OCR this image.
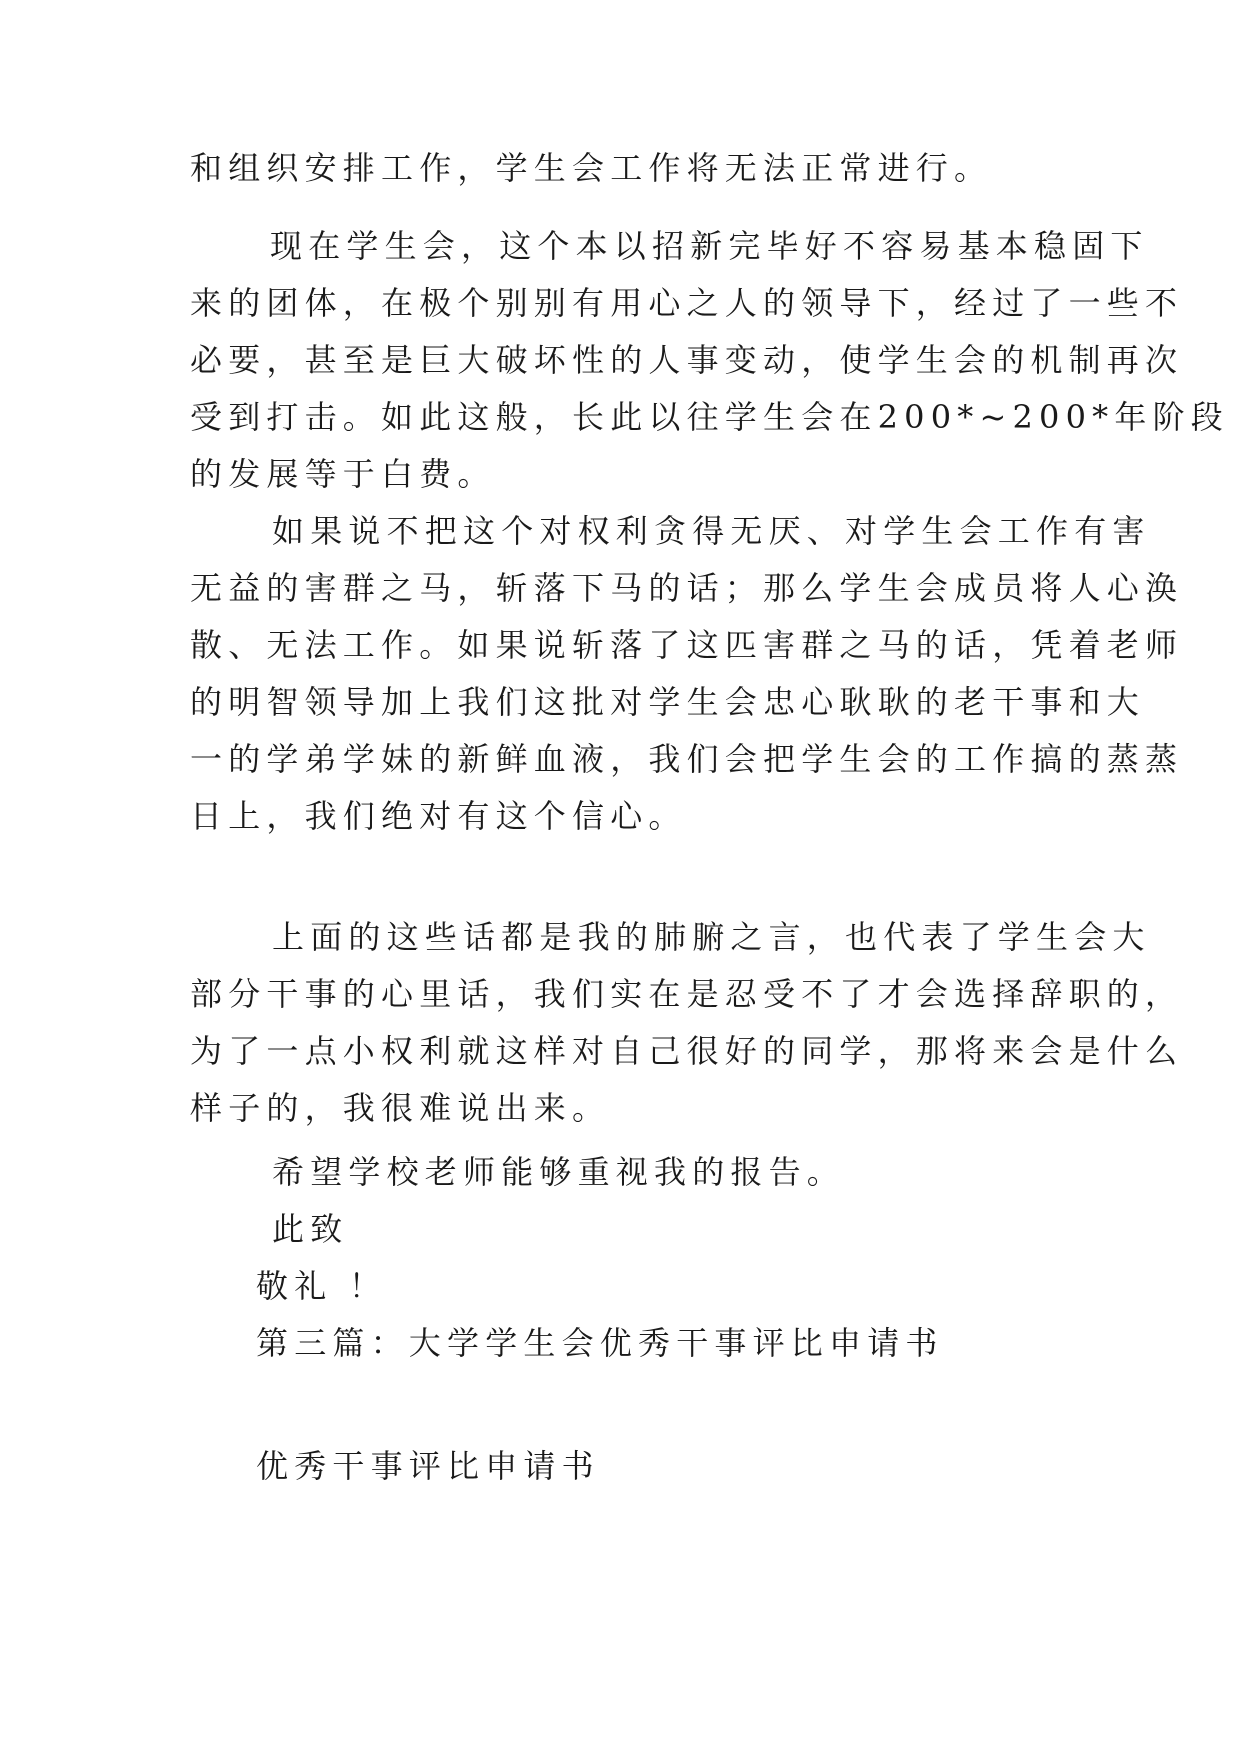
和组织安排工作，学生会工作将无法正常进行。
现在学生会，这个本以招新完毕好不容易基本稳固下
来的团体，在极个别别有用心之人的领导下，经过了一些不
必要，甚至是巨大破坏性的人事变动，使学生会的机制再次
受到打击。如此这般，长此以往学生会在200*~200*年阶段
的发展等于白费。
如果说不把这个对权利贪得无厌、对学生会工作有害
无益的害群之马，斩落下马的话；那么学生会成员将人心涣
散、无法工作。如果说斩落了这匹害群之马的话，凭着老师
的明智领导加上我们这批对学生会忠心耿耿的老干事和大
一的学弟学妹的新鲜血液，我们会把学生会的工作搞的蒸蒸
日上，我们绝对有这个信心。
上面的这些话都是我的肺腑之言，也代表了学生会大
部分干事的心里话，我们实在是忍受不了才会选择辞职的，
为了一点小权利就这样对自己很好的同学，那将来会是什么
样子的，我很难说出来。
希望学校老师能够重视我的报告。
此致
敬礼 ！
第三篇：大学学生会优秀干事评比申请书
优秀干事评比申请书
